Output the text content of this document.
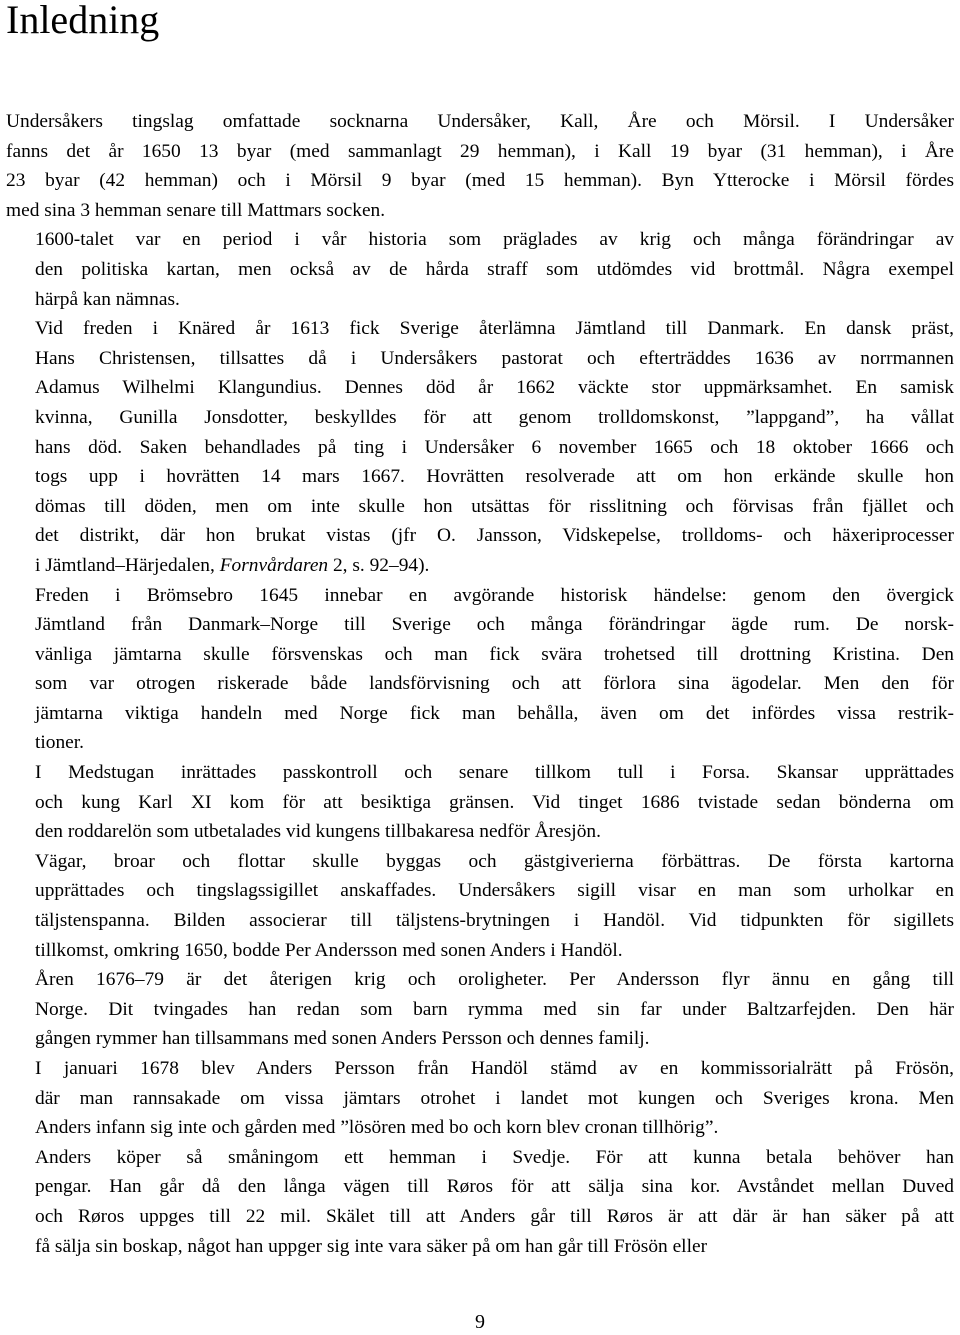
Inledning

Undersåkers tingslag omfattade socknarna Undersåker, Kall, Åre och Mörsil. I Undersåker
fanns det år 1650 13 byar (med sammanlagt 29 hemman), i Kall 19 byar (31 hemman), i Åre
23 byar (42 hemman) och i Mörsil 9 byar (med 15 hemman). Byn Ytterocke i Mörsil fördes
med sina 3 hemman senare till Mattmars socken.

1600-talet var en period i vår historia som präglades av krig och många förändringar av
den politiska kartan, men också av de hårda straff som utdömdes vid brottmål. Några exempel
härpå kan nämnas.

Vid freden i Knäred år 1613 fick Sverige återlämna Jämtland till Danmark. En dansk präst,
Hans Christensen, tillsattes då i Undersåkers pastorat och efterträddes 1636 av norrmannen
Adamus Wilhelmi Klangundius. Dennes död år 1662 väckte stor uppmärksamhet. En samisk
kvinna, Gunilla Jonsdotter, beskylldes för att genom trolldomskonst, ”lappgand”, ha vållat
hans död. Saken behandlades på ting i Undersåker 6 november 1665 och 18 oktober 1666 och
togs upp i hovrätten 14 mars 1667. Hovrätten resolverade att om hon erkände skulle hon
dömas till döden, men om inte skulle hon utsättas för risslitning och förvisas från fjället och
det distrikt, där hon brukat vistas (jfr O. Jansson, Vidskepelse, trolldoms- och häxeriprocesser
i Jämtland–Härjedalen, Fornvårdaren 2, s. 92–94).

Freden i Brömsebro 1645 innebar en avgörande historisk händelse: genom den övergick
Jämtland från Danmark–Norge till Sverige och många förändringar ägde rum. De norsk-
vänliga jämtarna skulle försvenskas och man fick svära trohetsed till drottning Kristina. Den
som var otrogen riskerade både landsförvisning och att förlora sina ägodelar. Men den för
jämtarna viktiga handeln med Norge fick man behålla, även om det infördes vissa restrik-
tioner.

I Medstugan inrättades passkontroll och senare tillkom tull i Forsa. Skansar upprättades
och kung Karl XI kom för att besiktiga gränsen. Vid tinget 1686 tvistade sedan bönderna om
den roddarelön som utbetalades vid kungens tillbakaresa nedför Åresjön.

Vägar, broar och flottar skulle byggas och gästgiverierna förbättras. De första kartorna
upprättades och tingslagssigillet anskaffades. Undersåkers sigill visar en man som urholkar en
täljstenspanna. Bilden associerar till täljstens-brytningen i Handöl. Vid tidpunkten för sigillets
tillkomst, omkring 1650, bodde Per Andersson med sonen Anders i Handöl.

Åren 1676–79 är det återigen krig och oroligheter. Per Andersson flyr ännu en gång till
Norge. Dit tvingades han redan som barn rymma med sin far under Baltzarfejden. Den här
gången rymmer han tillsammans med sonen Anders Persson och dennes familj.

I januari 1678 blev Anders Persson från Handöl stämd av en kommissorialrätt på Frösön,
där man rannsakade om vissa jämtars otrohet i landet mot kungen och Sveriges krona. Men
Anders infann sig inte och gården med ”lösören med bo och korn blev cronan tillhörig”.

Anders köper så småningom ett hemman i Svedje. För att kunna betala behöver han
pengar. Han går då den långa vägen till Røros för att sälja sina kor. Avståndet mellan Duved
och Røros uppges till 22 mil. Skälet till att Anders går till Røros är att där är han säker på att
få sälja sin boskap, något han uppger sig inte vara säker på om han går till Frösön eller

9
